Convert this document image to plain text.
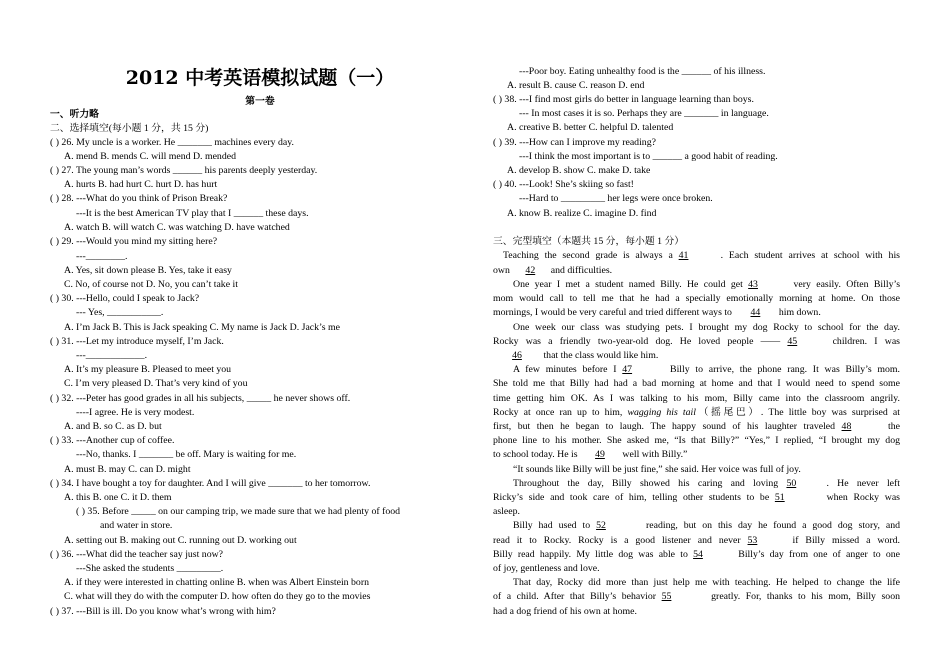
2012 中考英语模拟试题（一）
第一卷
一、听力略
二、选择填空(每小题 1 分，共 15 分)
( ) 26. My uncle is a worker. He _______ machines every day.
A. mend B. mends C. will mend D. mended
( ) 27. The young man’s words ______ his parents deeply yesterday.
A. hurts B. had hurt C. hurt D. has hurt
( ) 28. ---What do you think of Prison Break?
---It is the best American TV play that I ______ these days.
A. watch B. will watch C. was watching D. have watched
( ) 29. ---Would you mind my sitting here?
---________.
A. Yes, sit down please B. Yes, take it easy
C. No, of course not D. No, you can’t take it
( ) 30. ---Hello, could I speak to Jack?
--- Yes, ___________.
A. I’m Jack B. This is Jack speaking C. My name is Jack D. Jack’s me
( ) 31. ---Let my introduce myself, I’m Jack.
---____________.
A. It’s my pleasure B. Pleased to meet you
C. I’m very pleased D. That’s very kind of you
( ) 32. ---Peter has good grades in all his subjects, _____ he never shows off.
----I agree. He is very modest.
A. and B. so C. as D. but
( ) 33. ---Another cup of coffee.
---No, thanks. I _______ be off. Mary is waiting for me.
A. must B. may C. can D. might
( ) 34. I have bought a toy for daughter. And I will give _______ to her tomorrow.
A. this B. one C. it D. them
( ) 35. Before _____ on our camping trip, we made sure that we had plenty of food
and water in store.
A. setting out B. making out C. running out D. working out
( ) 36. ---What did the teacher say just now?
---She asked the students _________.
A. if they were interested in chatting online B. when was Albert Einstein born
C. what will they do with the computer D. how often do they go to the movies
( ) 37. ---Bill is ill. Do you know what’s wrong with him?
---Poor boy. Eating unhealthy food is the ______ of his illness.
A. result B. cause C. reason D. end
( ) 38. ---I find most girls do better in language learning than boys.
--- In most cases it is so. Perhaps they are _______ in language.
A. creative B. better C. helpful D. talented
( ) 39. ---How can I improve my reading?
---I think the most important is to ______ a good habit of reading.
A. develop B. show C. make D. take
( ) 40. ---Look! She’s skiing so fast!
---Hard to _________ her legs were once broken.
A. know B. realize C. imagine D. find
三、完型填空（本题共 15 分，每小题 1 分）
Teaching the second grade is always a 41	. Each student arrives at school with his
own 42 and difficulties.
One year I met a student named Billy. He could get 43	very easily. Often Billy’s
mom would call to tell me that he had a specially emotionally morning at home. On those
mornings, I would be very careful and tried different ways to 44 him down.
One week our class was studying pets. I brought my dog Rocky to school for the day.
Rocky was a friendly two-year-old dog. He loved people —— 45	children. I was
46 that the class would like him.
A few minutes before I 47	Billy to arrive, the phone rang. It was Billy’s mom.
She told me that Billy had had a bad morning at home and that I would need to spend some
time getting him OK. As I was talking to his mom, Billy came into the classroom angrily.
Rocky at once ran up to him, wagging his tail（摇尾巴）. The little boy was surprised at
first, but then he began to laugh. The happy sound of his laughter traveled 48	the
phone line to his mother. She asked me, “Is that Billy?” “Yes,” I replied, “I brought my dog
to school today. He is 49 well with Billy.”
“It sounds like Billy will be just fine,” she said. Her voice was full of joy.
Throughout the day, Billy showed his caring and loving 50	. He never left
Ricky’s side and took care of him, telling other students to be 51	when Rocky was
asleep.
Billy had used to 52	reading, but on this day he found a good dog story, and
read it to Rocky. Rocky is a good listener and never 53	if Billy missed a word.
Billy read happily. My little dog was able to 54	Billy’s day from one of anger to one
of joy, gentleness and love.
That day, Rocky did more than just help me with teaching. He helped to change the life
of a child. After that Billy’s behavior 55	greatly. For, thanks to his mom, Billy soon
had a dog friend of his own at home.
